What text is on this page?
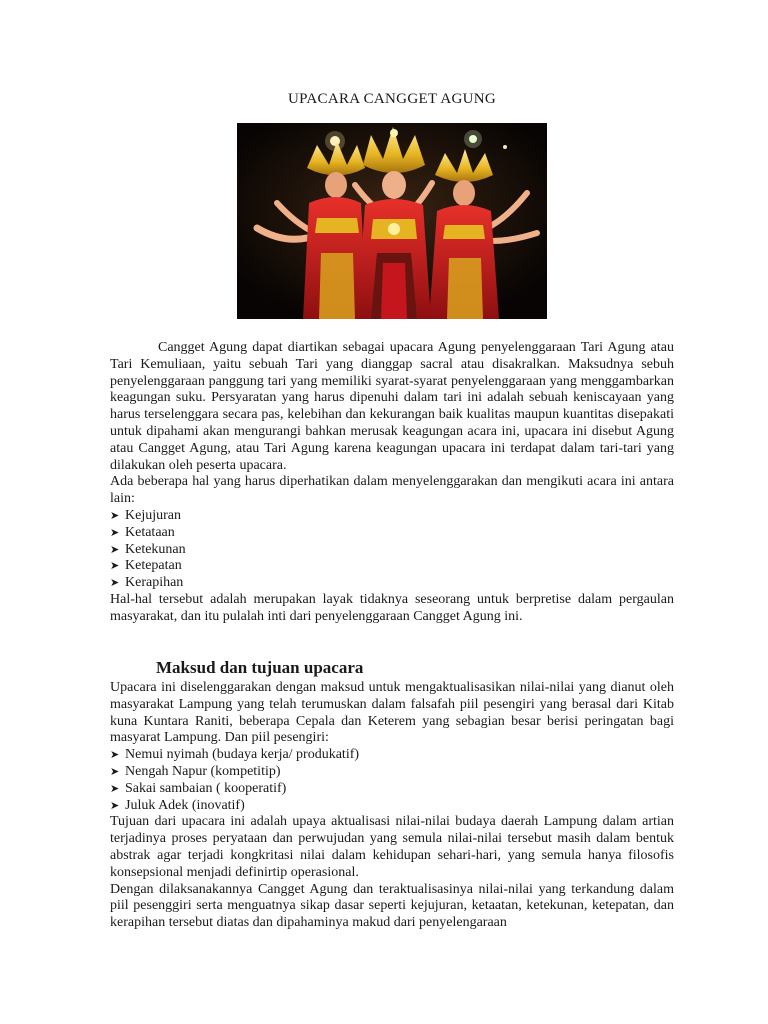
UPACARA CANGGET AGUNG

Cangget Agung dapat diartikan sebagai upacara Agung penyelenggaraan Tari Agung atau Tari Kemuliaan, yaitu sebuah Tari yang dianggap sacral atau disakralkan. Maksudnya sebuh penyelenggaraan panggung tari yang memiliki syarat-syarat penyelenggaraan yang menggambarkan keagungan suku. Persyaratan yang harus dipenuhi dalam tari ini adalah sebuah keniscayaan yang harus terselenggara secara pas, kelebihan dan kekurangan baik kualitas maupun kuantitas disepakati untuk dipahami akan mengurangi bahkan merusak keagungan acara ini, upacara ini disebut Agung atau Cangget Agung, atau Tari Agung karena keagungan upacara ini terdapat dalam tari-tari yang dilakukan oleh peserta upacara.

Ada beberapa hal yang harus diperhatikan dalam menyelenggarakan dan mengikuti acara ini antara lain:

➤ Kejujuran
➤ Ketataan
➤ Ketekunan
➤ Ketepatan
➤ Kerapihan

Hal-hal tersebut adalah merupakan layak tidaknya seseorang untuk berpretise dalam pergaulan masyarakat, dan itu pulalah inti dari penyelenggaraan Cangget Agung ini.

Maksud dan tujuan upacara

Upacara ini diselenggarakan dengan maksud untuk mengaktualisasikan nilai-nilai yang dianut oleh masyarakat Lampung yang telah terumuskan dalam falsafah piil pesengiri yang berasal dari Kitab kuna Kuntara Raniti, beberapa Cepala dan Keterem yang sebagian besar berisi peringatan bagi masyarat Lampung. Dan piil pesengiri:

➤ Nemui nyimah (budaya kerja/ produkatif)
➤ Nengah Napur (kompetitip)
➤ Sakai sambaian ( kooperatif)
➤ Juluk Adek (inovatif)

Tujuan dari upacara ini adalah upaya aktualisasi nilai-nilai budaya daerah Lampung dalam artian terjadinya proses peryataan dan perwujudan yang semula nilai-nilai tersebut masih dalam bentuk abstrak agar terjadi kongkritasi nilai dalam kehidupan sehari-hari, yang semula hanya filosofis konsepsional menjadi definirtip operasional.

Dengan dilaksanakannya Cangget Agung dan teraktualisasinya nilai-nilai yang terkandung dalam piil pesenggiri serta menguatnya sikap dasar seperti kejujuran, ketaatan, ketekunan, ketepatan, dan kerapihan tersebut diatas dan dipahaminya makud dari penyelengaraan
